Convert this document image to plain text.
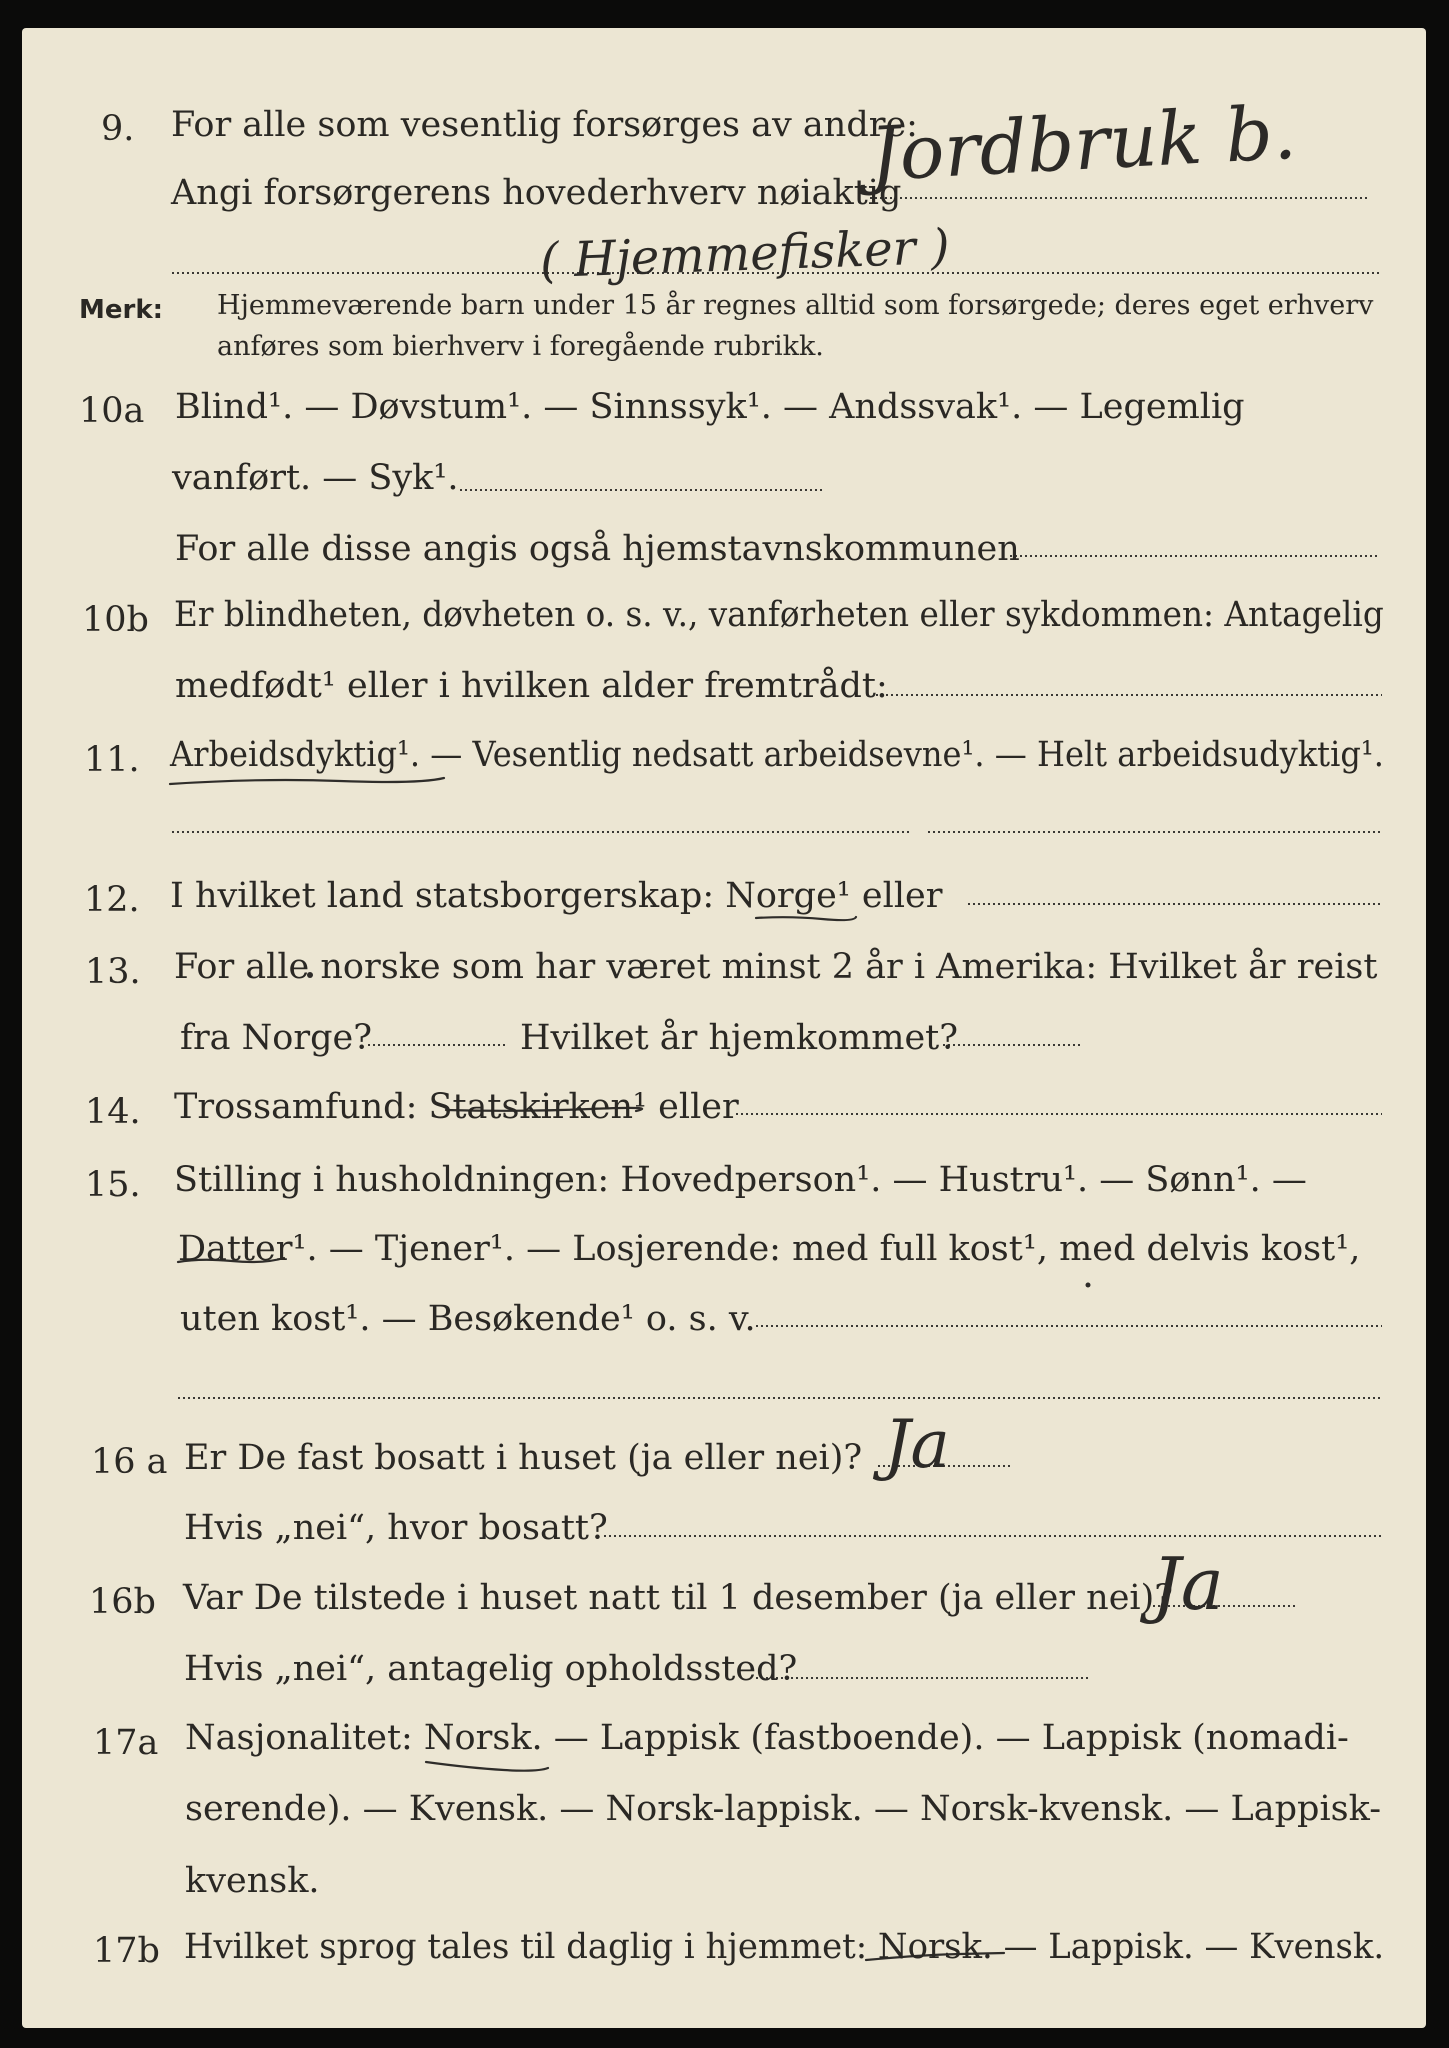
9. For alle som vesentlig forsørges av andre:
Angi forsørgerens hovederhverv nøiaktig
Jordbruk b.
( Hjemmefisker )
Merk: Hjemmeværende barn under 15 år regnes alltid som forsørgede; deres eget erhverv
anføres som bierhverv i foregående rubrikk.
10a Blind¹. — Døvstum¹. — Sinnssyk¹. — Andssvak¹. — Legemlig
vanført. — Syk¹.
For alle disse angis også hjemstavnskommunen
10b Er blindheten, døvheten o. s. v., vanførheten eller sykdommen: Antagelig
medfødt¹ eller i hvilken alder fremtrådt:
11. Arbeidsdyktig¹. — Vesentlig nedsatt arbeidsevne¹. — Helt arbeidsudyktig¹.
12. I hvilket land statsborgerskap: Norge¹ eller
13. For alle norske som har været minst 2 år i Amerika: Hvilket år reist
fra Norge?	Hvilket år hjemkommet?
14. Trossamfund: Statskirken¹ eller
15. Stilling i husholdningen: Hovedperson¹. — Hustru¹. — Sønn¹. —
Datter¹. — Tjener¹. — Losjerende: med full kost¹, med delvis kost¹,
uten kost¹. — Besøkende¹ o. s. v.
16 a Er De fast bosatt i huset (ja eller nei)? Ja
Hvis „nei“, hvor bosatt?
16b Var De tilstede i huset natt til 1 desember (ja eller nei)?
Ja
Hvis „nei“, antagelig opholdssted?
17a Nasjonalitet: Norsk. — Lappisk (fastboende). — Lappisk (nomadi-
serende). — Kvensk. — Norsk-lappisk. — Norsk-kvensk. — Lappisk-
kvensk.
17b Hvilket sprog tales til daglig i hjemmet: Norsk. — Lappisk. — Kvensk.
